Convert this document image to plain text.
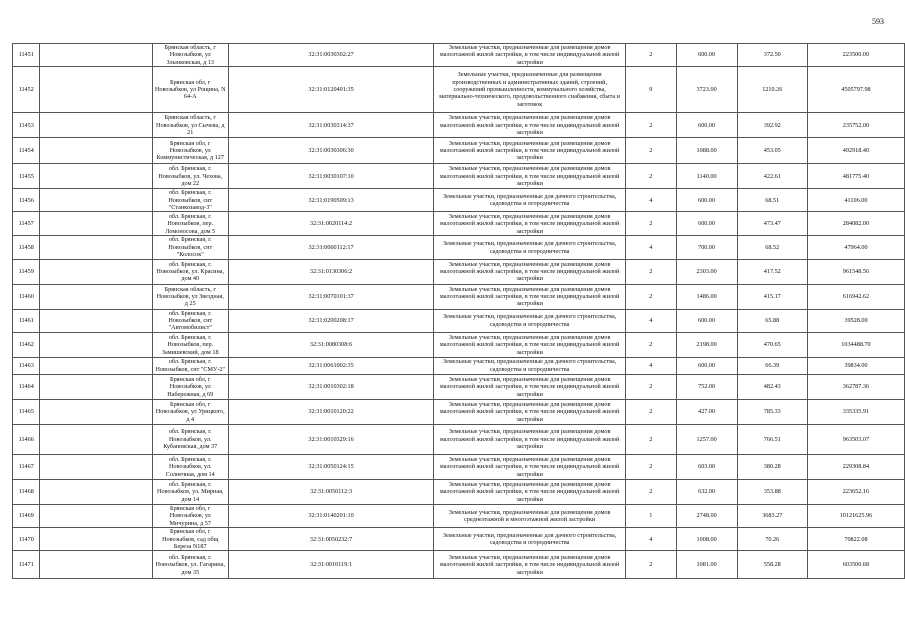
593
11451		Брянская область, г Новозыбков, ул Злынковская, д 13	32:31:0030302:27	Земельные участки, предназначенные для размещения домов малоэтажной жилой застройки, в том числе индивидуальной жилой застройки	2	600.00	372.50	223500.00
11452		Брянская обл, г Новозыбков, ул Рощина, N 64-А	32:31:0120401:35	Земельные участки, предназначенные для размещения производственных и административных зданий, строений, сооружений промышленности, коммунального хозяйства, материально-технического, продовольственного снабжения, сбыта и заготовок	9	3723.00	1210.26	4505797.98
11453		Брянская область, г Новозыбков, ул Сычева, д 21	32:31:0030314:37	Земельные участки, предназначенные для размещения домов малоэтажной жилой застройки, в том числе индивидуальной жилой застройки	2	600.00	392.92	235752.00
11454		Брянская обл, г Новозыбков, ул Коммунистическая, д 127	32:31:0030306:30	Земельные участки, предназначенные для размещения домов малоэтажной жилой застройки, в том числе индивидуальной жилой застройки	2	1088.00	453.05	492918.40
11455		обл. Брянская, г. Новозыбков, ул. Чехова, дом 22	32:31:0030107:10	Земельные участки, предназначенные для размещения домов малоэтажной жилой застройки, в том числе индивидуальной жилой застройки	2	1140.00	422.61	481775.40
11456		обл. Брянская, г. Новозыбков, снт "Станкозавод-3"	32:31:0190509:13	Земельные участки, предназначенные для дачного строительства, садоводства и огородничества	4	600.00	68.51	41106.00
11457		обл. Брянская, г. Новозыбков, пер. Ломоносова, дом 5	32:31:0020114:2	Земельные участки, предназначенные для размещения домов малоэтажной жилой застройки, в том числе индивидуальной жилой застройки	2	600.00	473.47	284082.00
11458		обл. Брянская, г. Новозыбков, снт "Колосок"	32:31:0060112:17	Земельные участки, предназначенные для дачного строительства, садоводства и огородничества	4	700.00	68.52	47964.00
11459		обл. Брянская, г. Новозыбков, ул. Красина, дом 40	32:31:0130306:2	Земельные участки, предназначенные для размещения домов малоэтажной жилой застройки, в том числе индивидуальной жилой застройки	2	2303.00	417.52	961548.56
11460		Брянская область, г Новозыбков, ул Звездная, д 25	32:31:0070101:37	Земельные участки, предназначенные для размещения домов малоэтажной жилой застройки, в том числе индивидуальной жилой застройки	2	1486.00	415.17	616942.62
11461		обл. Брянская, г. Новозыбков, снт "Автомобилист"	32:31:0200208:17	Земельные участки, предназначенные для дачного строительства, садоводства и огородничества	4	600.00	65.88	39528.00
11462		обл. Брянская, г. Новозыбков, пер. Замишевский, дом 18	32:31:0080308:6	Земельные участки, предназначенные для размещения домов малоэтажной жилой застройки, в том числе индивидуальной жилой застройки	2	2198.00	470.65	1034488.70
11463		обл. Брянская, г. Новозыбков, снт "СМУ-2"	32:31:0061002:35	Земельные участки, предназначенные для дачного строительства, садоводства и огородничества	4	600.00	66.39	39834.00
11464		Брянская обл, г Новозыбков, ул Набережная, д 69	32:31:0010302:18	Земельные участки, предназначенные для размещения домов малоэтажной жилой застройки, в том числе индивидуальной жилой застройки	2	752.00	482.43	362787.36
11465		Брянская обл, г Новозыбков, ул Урицкого, д 4	32:31:0010120:22	Земельные участки, предназначенные для размещения домов малоэтажной жилой застройки, в том числе индивидуальной жилой застройки	2	427.00	785.33	335335.91
11466		обл. Брянская, г. Новозыбков, ул. Кубановская, дом 37	32:31:0010329:16	Земельные участки, предназначенные для размещения домов малоэтажной жилой застройки, в том числе индивидуальной жилой застройки	2	1257.00	766.51	963503.07
11467		обл. Брянская, г. Новозыбков, ул. Солнечная, дом 14	32:31:0050124:15	Земельные участки, предназначенные для размещения домов малоэтажной жилой застройки, в том числе индивидуальной жилой застройки	2	603.00	380.28	229308.84
11468		обл. Брянская, г. Новозыбков, ул. Мирная, дом 14	32:31:0050112:3	Земельные участки, предназначенные для размещения домов малоэтажной жилой застройки, в том числе индивидуальной жилой застройки	2	632.00	353.88	223652.16
11469		Брянская обл, г Новозыбков, ул Мичурина, д 57	32:31:0140201:10	Земельные участки, предназначенные для размещения домов среднеэтажной и многоэтажной жилой застройки	1	2748.00	3683.27	10121625.96
11470		Брянская обл, г Новозыбков, сад общ Береза N187	32:31:0050232:7	Земельные участки, предназначенные для дачного строительства, садоводства и огородничества	4	1008.00	70.26	70822.08
11471		обл. Брянская, г. Новозыбков, ул. Гагарина, дом 35	32:31:0010119:1	Земельные участки, предназначенные для размещения домов малоэтажной жилой застройки, в том числе индивидуальной жилой застройки	2	1081.00	558.28	603500.68
